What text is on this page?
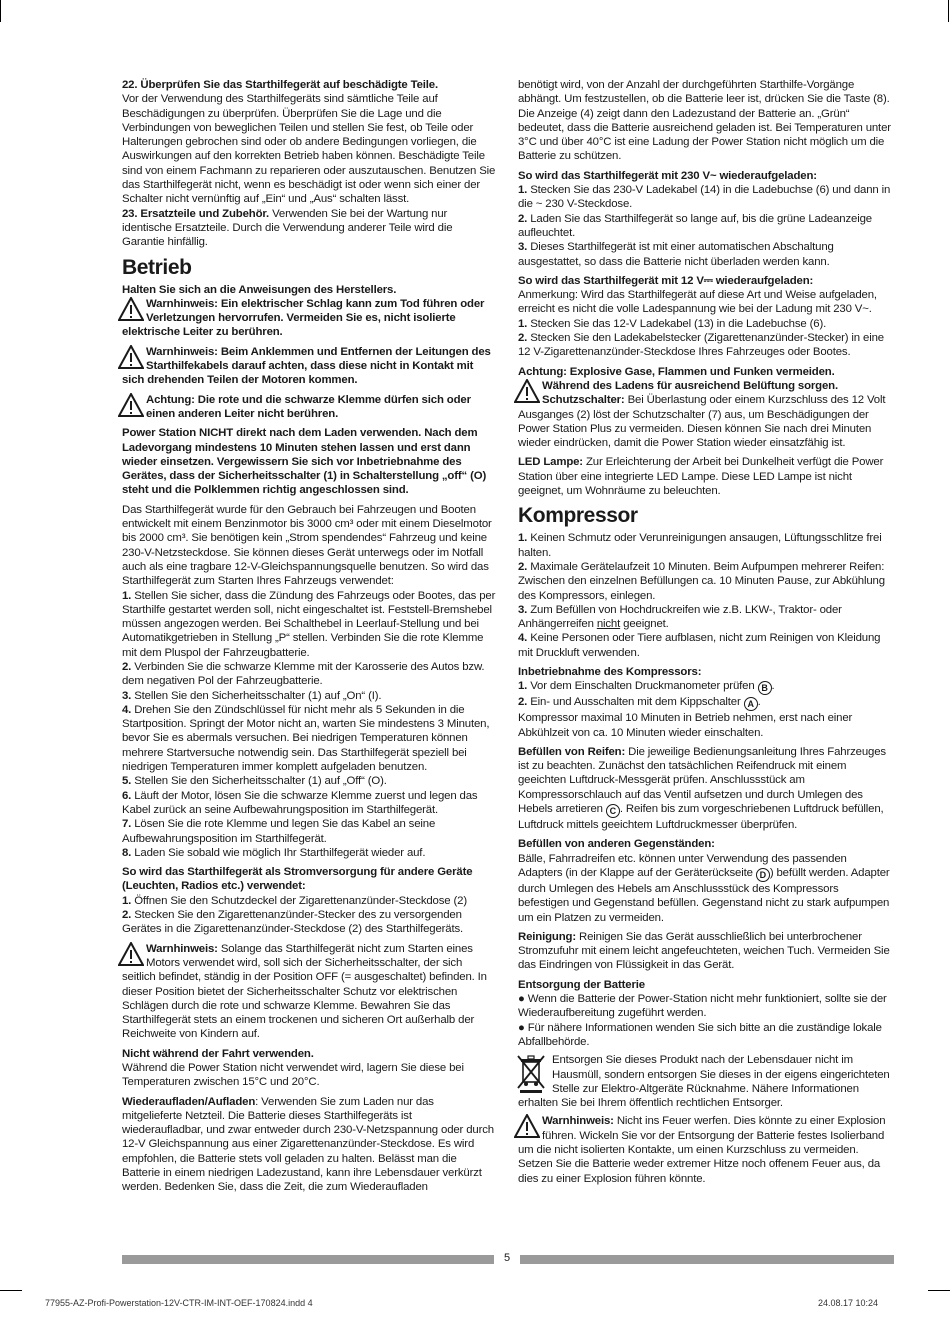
22. Überprüfen Sie das Starthilfegerät auf beschädigte Teile.

Vor der Verwendung des Starthilfegeräts sind sämtliche Teile auf Beschädigungen zu überprüfen. Überprüfen Sie die Lage und die Verbindungen von beweglichen Teilen und stellen Sie fest, ob Teile oder Halterungen gebrochen sind oder ob andere Bedingungen vorliegen, die Auswirkungen auf den korrekten Betrieb haben können. Beschädigte Teile sind von einem Fachmann zu reparieren oder auszutauschen. Benutzen Sie das Starthilfegerät nicht, wenn es beschädigt ist oder wenn sich einer der Schalter nicht vernünftig auf „Ein“ und „Aus“ schalten lässt.

23. Ersatzteile und Zubehör. Verwenden Sie bei der Wartung nur identische Ersatzteile. Durch die Verwendung anderer Teile wird die Garantie hinfällig.

Betrieb

Halten Sie sich an die Anweisungen des Herstellers.

Warnhinweis: Ein elektrischer Schlag kann zum Tod führen oder Verletzungen hervorrufen. Vermeiden Sie es, nicht isolierte elektrische Leiter zu berühren.
Warnhinweis: Beim Anklemmen und Entfernen der Leitungen des Starthilfekabels darauf achten, dass diese nicht in Kontakt mit sich drehenden Teilen der Motoren kommen.
Achtung: Die rote und die schwarze Klemme dürfen sich oder einen anderen Leiter nicht berühren.

Power Station NICHT direkt nach dem Laden verwenden. Nach dem Ladevorgang mindestens 10 Minuten stehen lassen und erst dann wieder einsetzen. Vergewissern Sie sich vor Inbetriebnahme des Gerätes, dass der Sicherheitsschalter (1) in Schalterstellung „off“ (O) steht und die Polklemmen richtig angeschlossen sind.

Das Starthilfegerät wurde für den Gebrauch bei Fahrzeugen und Booten entwickelt mit einem Benzinmotor bis 3000 cm³ oder mit einem Dieselmotor bis 2000 cm³. Sie benötigen kein „Strom spendendes“ Fahrzeug und keine 230-V-Netzsteckdose. Sie können dieses Gerät unterwegs oder im Notfall auch als eine tragbare 12-V-Gleichspannungsquelle benutzen. So wird das Starthilfegerät zum Starten Ihres Fahrzeugs verwendet:

1. Stellen Sie sicher, dass die Zündung des Fahrzeugs oder Bootes, das per Starthilfe gestartet werden soll, nicht eingeschaltet ist. Feststell-Bremshebel müssen angezogen werden. Bei Schalthebel in Leerlauf-Stellung und bei Automatikgetrieben in Stellung „P“ stellen. Verbinden Sie die rote Klemme mit dem Pluspol der Fahrzeugbatterie.

2. Verbinden Sie die schwarze Klemme mit der Karosserie des Autos bzw. dem negativen Pol der Fahrzeugbatterie.

3. Stellen Sie den Sicherheitsschalter (1) auf „On“ (I).

4. Drehen Sie den Zündschlüssel für nicht mehr als 5 Sekunden in die Startposition. Springt der Motor nicht an, warten Sie mindestens 3 Minuten, bevor Sie es abermals versuchen. Bei niedrigen Temperaturen können mehrere Startversuche notwendig sein. Das Starthilfegerät speziell bei niedrigen Temperaturen immer komplett aufgeladen benutzen.

5. Stellen Sie den Sicherheitsschalter (1) auf „Off“ (O).

6. Läuft der Motor, lösen Sie die schwarze Klemme zuerst und legen das Kabel zurück an seine Aufbewahrungsposition im Starthilfegerät.

7. Lösen Sie die rote Klemme und legen Sie das Kabel an seine Aufbewahrungsposition im Starthilfegerät.

8. Laden Sie sobald wie möglich Ihr Starthilfegerät wieder auf.

So wird das Starthilfegerät als Stromversorgung für andere Geräte (Leuchten, Radios etc.) verwendet:

1. Öffnen Sie den Schutzdeckel der Zigarettenanzünder-Steckdose (2)

2. Stecken Sie den Zigarettenanzünder-Stecker des zu versorgenden Gerätes in die Zigarettenanzünder-Steckdose (2) des Starthilfegeräts.

Warnhinweis: Solange das Starthilfegerät nicht zum Starten eines Motors verwendet wird, soll sich der Sicherheitsschalter, der sich seitlich befindet, ständig in der Position OFF (= ausgeschaltet) befinden. In dieser Position bietet der Sicherheitsschalter Schutz vor elektrischen Schlägen durch die rote und schwarze Klemme. Bewahren Sie das Starthilfegerät stets an einem trockenen und sicheren Ort außerhalb der Reichweite von Kindern auf.

Nicht während der Fahrt verwenden.

Während die Power Station nicht verwendet wird, lagern Sie diese bei Temperaturen zwischen 15°C und 20°C.

Wiederaufladen/Aufladen: Verwenden Sie zum Laden nur das mitgelieferte Netzteil. Die Batterie dieses Starthilfegeräts ist wiederaufladbar, und zwar entweder durch 230-V-Netzspannung oder durch 12-V Gleichspannung aus einer Zigarettenanzünder-Steckdose. Es wird empfohlen, die Batterie stets voll geladen zu halten. Belässt man die Batterie in einem niedrigen Ladezustand, kann ihre Lebensdauer verkürzt werden. Bedenken Sie, dass die Zeit, die zum Wiederaufladen

benötigt wird, von der Anzahl der durchgeführten Starthilfe-Vorgänge abhängt. Um festzustellen, ob die Batterie leer ist, drücken Sie die Taste (8). Die Anzeige (4) zeigt dann den Ladezustand der Batterie an. „Grün“ bedeutet, dass die Batterie ausreichend geladen ist. Bei Temperaturen unter 3°C und über 40°C ist eine Ladung der Power Station nicht möglich um die Batterie zu schützen.

So wird das Starthilfegerät mit 230 V~ wiederaufgeladen:

1. Stecken Sie das 230-V Ladekabel (14) in die Ladebuchse (6) und dann in die ~ 230 V-Steckdose.

2. Laden Sie das Starthilfegerät so lange auf, bis die grüne Ladeanzeige aufleuchtet.

3. Dieses Starthilfegerät ist mit einer automatischen Abschaltung ausgestattet, so dass die Batterie nicht überladen werden kann.

So wird das Starthilfegerät mit 12 V⎓ wiederaufgeladen:

Anmerkung: Wird das Starthilfegerät auf diese Art und Weise aufgeladen, erreicht es nicht die volle Ladespannung wie bei der Ladung mit 230 V~.

1. Stecken Sie das 12-V Ladekabel (13) in die Ladebuchse (6).

2. Stecken Sie den Ladekabelstecker (Zigarettenanzünder-Stecker) in eine 12 V-Zigarettenanzünder-Steckdose Ihres Fahrzeuges oder Bootes.

Achtung: Explosive Gase, Flammen und Funken vermeiden.

Während des Ladens für ausreichend Belüftung sorgen.
Schutzschalter: Bei Überlastung oder einem Kurzschluss des 12 Volt Ausganges (2) löst der Schutzschalter (7) aus, um Beschädigungen der Power Station Plus zu vermeiden. Diesen können Sie nach drei Minuten wieder eindrücken, damit die Power Station wieder einsatzfähig ist.

LED Lampe: Zur Erleichterung der Arbeit bei Dunkelheit verfügt die Power Station über eine integrierte LED Lampe. Diese LED Lampe ist nicht geeignet, um Wohnräume zu beleuchten.

Kompressor

1. Keinen Schmutz oder Verunreinigungen ansaugen, Lüftungsschlitze frei halten.

2. Maximale Gerätelaufzeit 10 Minuten. Beim Aufpumpen mehrerer Reifen: Zwischen den einzelnen Befüllungen ca. 10 Minuten Pause, zur Abkühlung des Kompressors, einlegen.

3. Zum Befüllen von Hochdruckreifen wie z.B. LKW-, Traktor- oder Anhängerreifen nicht geeignet.

4. Keine Personen oder Tiere aufblasen, nicht zum Reinigen von Kleidung mit Druckluft verwenden.

Inbetriebnahme des Kompressors:

1. Vor dem Einschalten Druckmanometer prüfen B .

2. Ein- und Ausschalten mit dem Kippschalter A .

Kompressor maximal 10 Minuten in Betrieb nehmen, erst nach einer Abkühlzeit von ca. 10 Minuten wieder einschalten.

Befüllen von Reifen: Die jeweilige Bedienungsanleitung Ihres Fahrzeuges ist zu beachten. Zunächst den tatsächlichen Reifendruck mit einem geeichten Luftdruck-Messgerät prüfen. Anschlussstück am Kompressorschlauch auf das Ventil aufsetzen und durch Umlegen des Hebels arretieren C . Reifen bis zum vorgeschriebenen Luftdruck befüllen, Luftdruck mittels geeichtem Luftdruckmesser überprüfen.

Befüllen von anderen Gegenständen:

Bälle, Fahrradreifen etc. können unter Verwendung des passenden Adapters (in der Klappe auf der Geräterückseite D ) befüllt werden. Adapter durch Umlegen des Hebels am Anschlussstück des Kompressors befestigen und Gegenstand befüllen. Gegenstand nicht zu stark aufpumpen um ein Platzen zu vermeiden.

Reinigung: Reinigen Sie das Gerät ausschließlich bei unterbrochener Stromzufuhr mit einem leicht angefeuchteten, weichen Tuch. Vermeiden Sie das Eindringen von Flüssigkeit in das Gerät.

Entsorgung der Batterie

● Wenn die Batterie der Power-Station nicht mehr funktioniert, sollte sie der Wiederaufbereitung zugeführt werden.

● Für nähere Informationen wenden Sie sich bitte an die zuständige lokale Abfallbehörde.

Entsorgen Sie dieses Produkt nach der Lebensdauer nicht im Hausmüll, sondern entsorgen Sie dieses in der eigens eingerichteten Stelle zur Elektro-Altgeräte Rücknahme. Nähere Informationen erhalten Sie bei Ihrem öffentlich rechtlichen Entsorger.
Warnhinweis: Nicht ins Feuer werfen. Dies könnte zu einer Explosion führen. Wickeln Sie vor der Entsorgung der Batterie festes Isolierband um die nicht isolierten Kontakte, um einen Kurzschluss zu vermeiden. Setzen Sie die Batterie weder extremer Hitze noch offenem Feuer aus, da dies zu einer Explosion führen könnte.
5
77955-AZ-Profi-Powerstation-12V-CTR-IM-INT-OEF-170824.indd 4	24.08.17 10:24
